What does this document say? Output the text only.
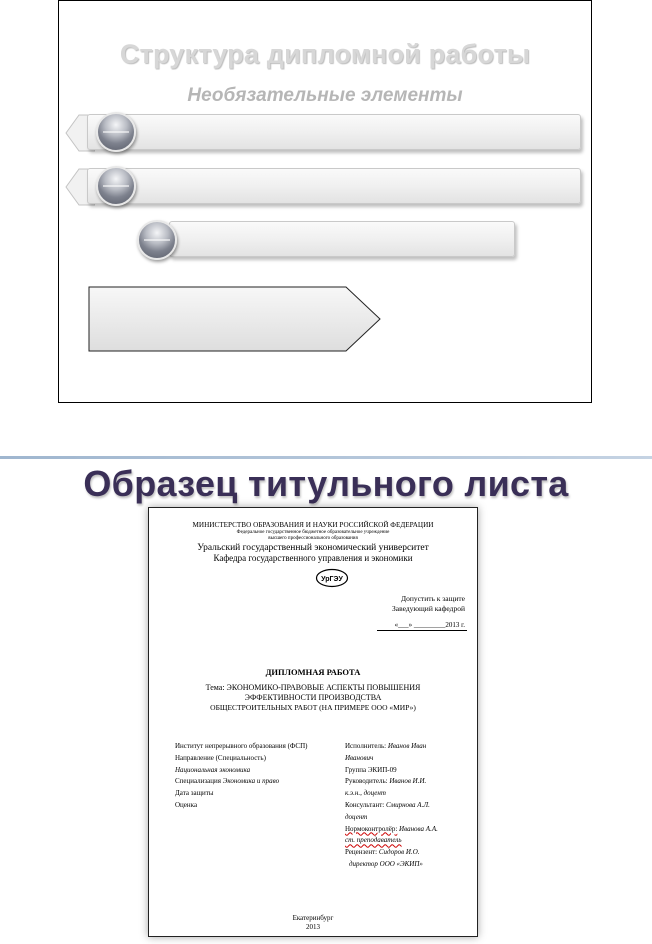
Структура дипломной работы
Необязательные элементы
Образец титульного листа
МИНИСТЕРСТВО ОБРАЗОВАНИЯ И НАУКИ РОССИЙСКОЙ ФЕДЕРАЦИИ
Федеральное государственное бюджетное образовательное учреждение
высшего профессионального образования
Уральский государственный экономический университет
Кафедра государственного управления и экономики
УрГЭУ
Допустить к защите
Заведующий кафедрой
«___» _________2013 г.
ДИПЛОМНАЯ РАБОТА
Тема: ЭКОНОМИКО-ПРАВОВЫЕ АСПЕКТЫ ПОВЫШЕНИЯ
ЭФФЕКТИВНОСТИ ПРОИЗВОДСТВА
ОБЩЕСТРОИТЕЛЬНЫХ РАБОТ (НА ПРИМЕРЕ ООО «МИР»)
Институт непрерывного образования (ФСП)
Направление (Специальность)
Национальная экономика
Специализация Экономика и право
Дата защиты
Оценка
Исполнитель: Иванов Иван
Иванович
Группа ЭКИП-09
Руководитель: Иванов И.И.
к.э.н., доцент
Консультант: Смирнова А.Л.
доцент
Нормоконтролёр: Иванова А.А.
ст. преподаватель
Рецензент: Сидоров И.О.
директор ООО «ЭКИП»
Екатеринбург
2013
